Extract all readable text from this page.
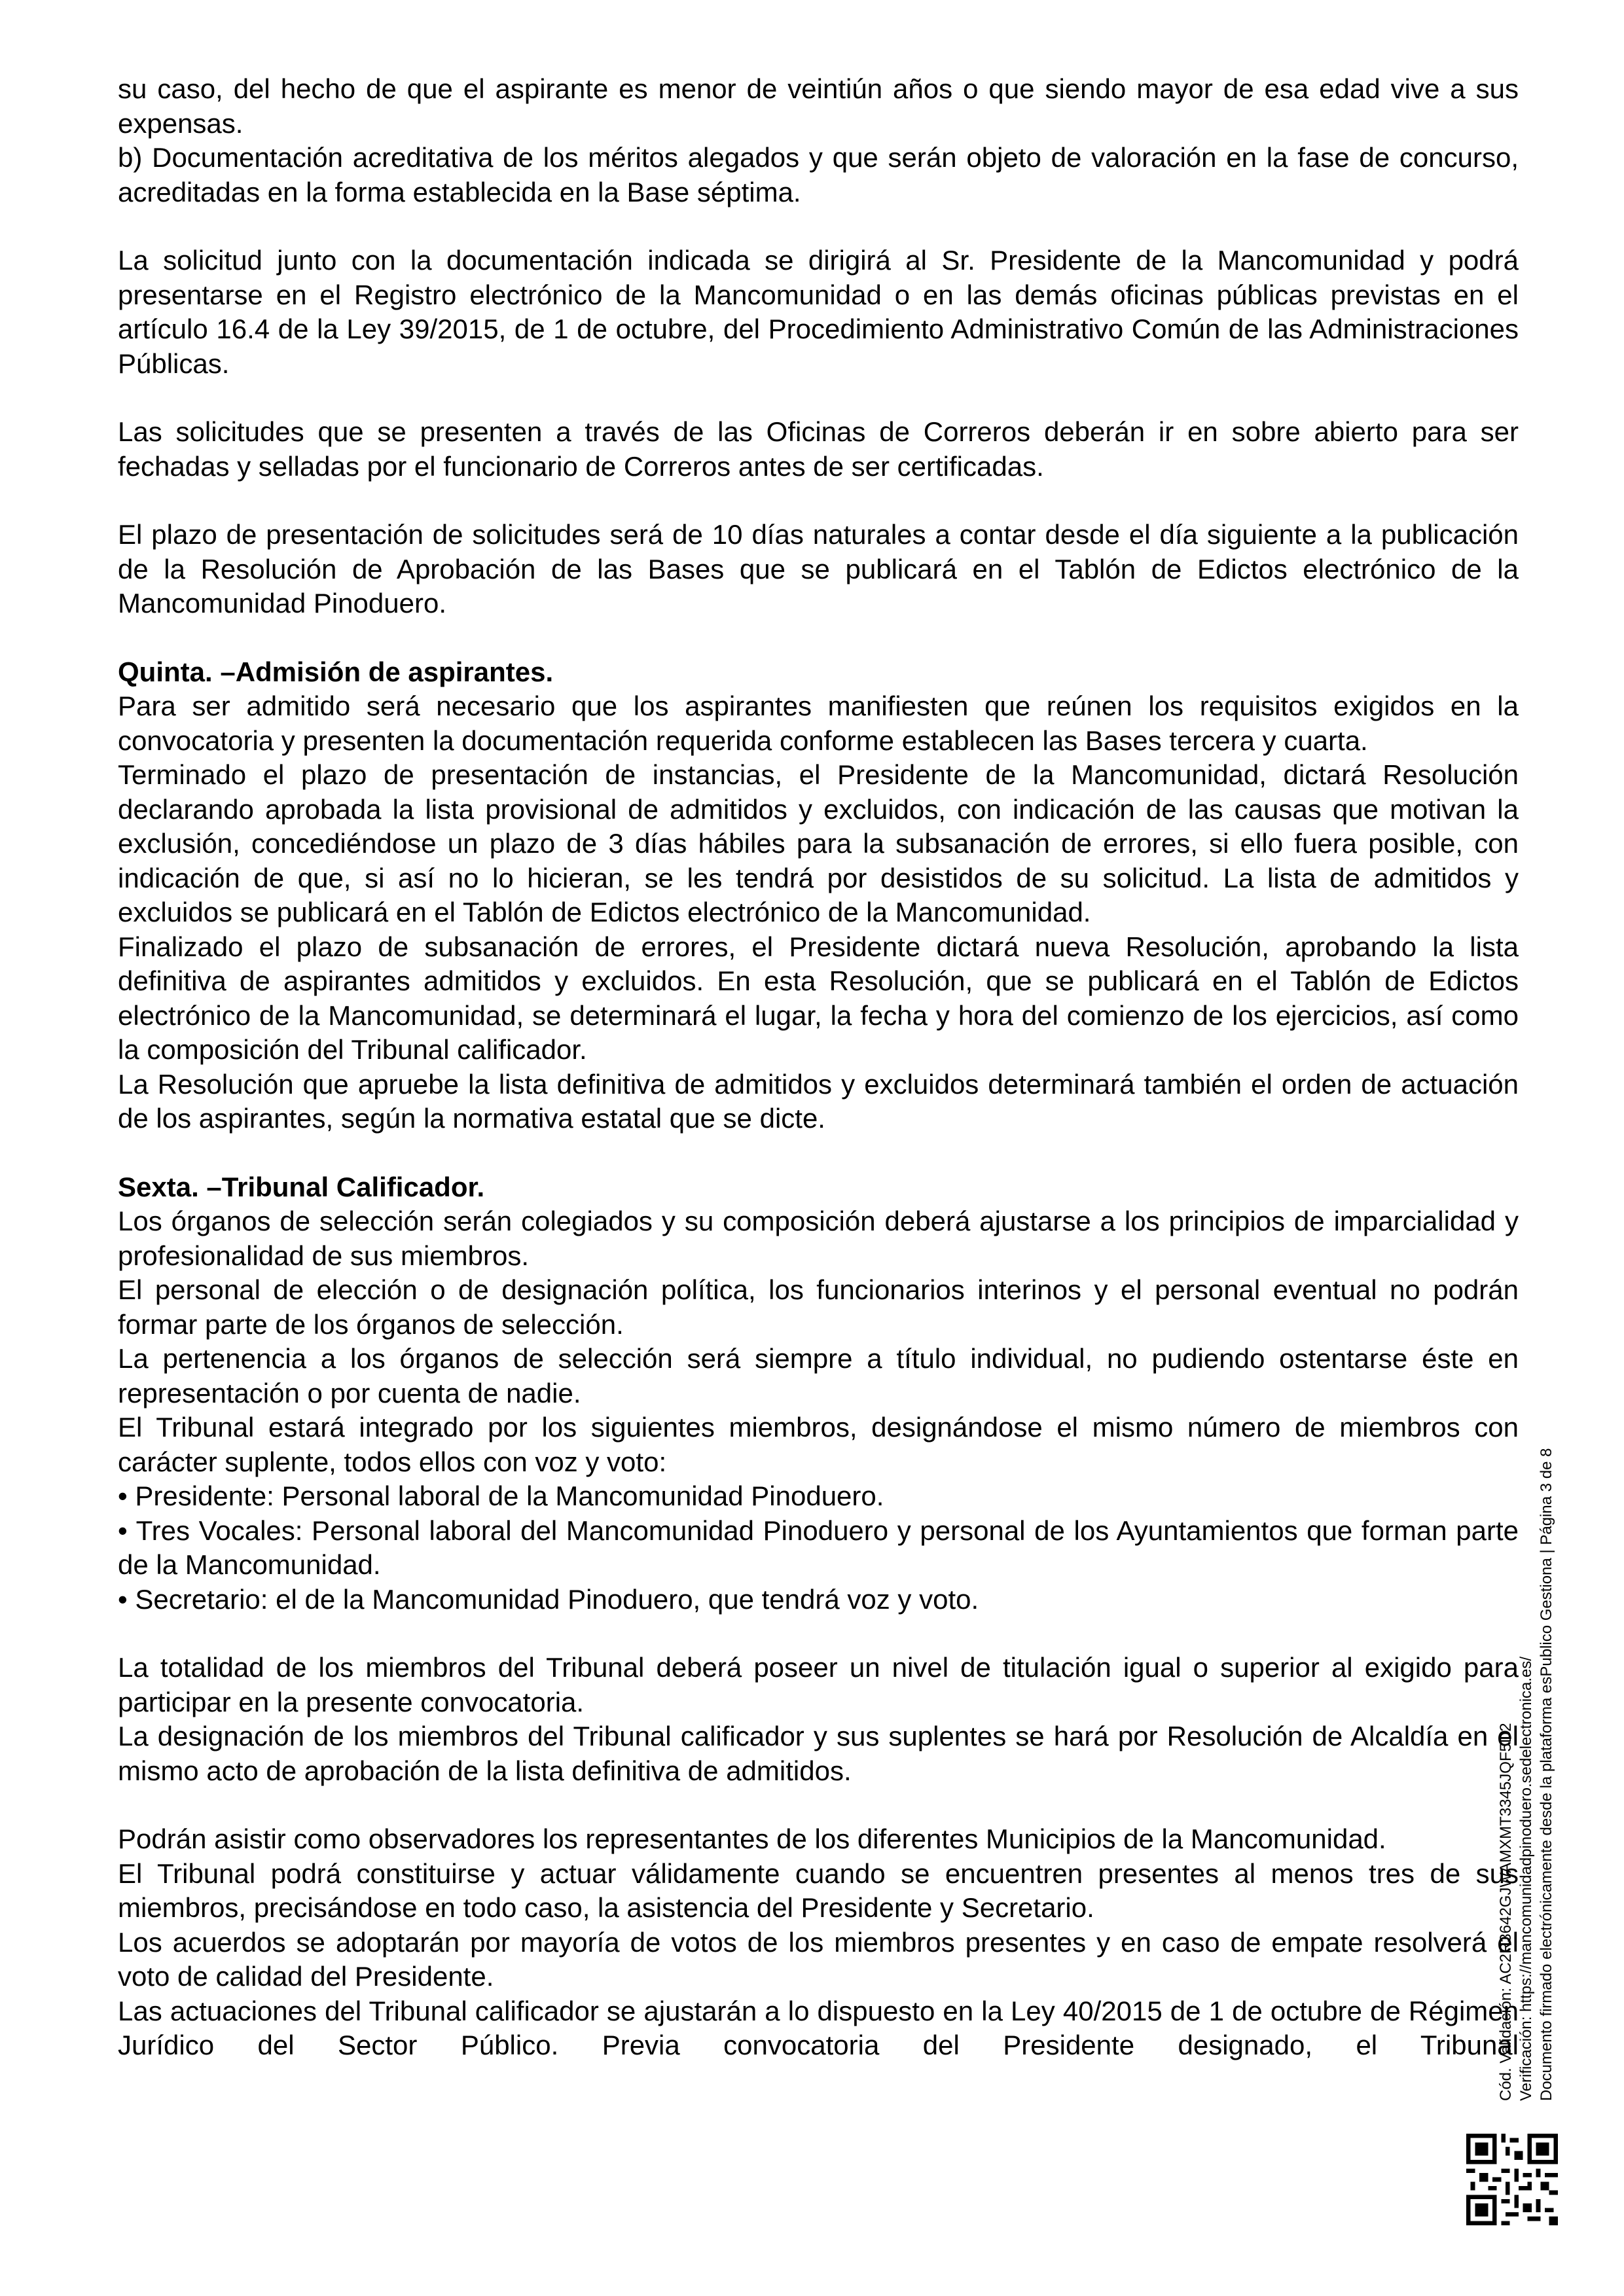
su caso, del hecho de que el aspirante es menor de veintiún años o que siendo mayor de esa edad vive a sus expensas.

b) Documentación acreditativa de los méritos alegados y que serán objeto de valoración en la fase de concurso, acreditadas en la forma establecida en la Base séptima.

La solicitud junto con la documentación indicada se dirigirá al Sr. Presidente de la Mancomunidad y podrá presentarse en el Registro electrónico de la Mancomunidad o en las demás oficinas públicas previstas en el artículo 16.4 de la Ley 39/2015, de 1 de octubre, del Procedimiento Administrativo Común de las Administraciones Públicas.

Las solicitudes que se presenten a través de las Oficinas de Correros deberán ir en sobre abierto para ser fechadas y selladas por el funcionario de Correros antes de ser certificadas.

El plazo de presentación de solicitudes será de 10 días naturales a contar desde el día siguiente a la publicación de la Resolución de Aprobación de las Bases que se publicará en el Tablón de Edictos electrónico de la Mancomunidad Pinoduero.

Quinta. –Admisión de aspirantes.

Para ser admitido será necesario que los aspirantes manifiesten que reúnen los requisitos exigidos en la convocatoria y presenten la documentación requerida conforme establecen las Bases tercera y cuarta.

Terminado el plazo de presentación de instancias, el Presidente de la Mancomunidad, dictará Resolución declarando aprobada la lista provisional de admitidos y excluidos, con indicación de las causas que motivan la exclusión, concediéndose un plazo de 3 días hábiles para la subsanación de errores, si ello fuera posible, con indicación de que, si así no lo hicieran, se les tendrá por desistidos de su solicitud. La lista de admitidos y excluidos se publicará en el Tablón de Edictos electrónico de la Mancomunidad.

Finalizado el plazo de subsanación de errores, el Presidente dictará nueva Resolución, aprobando la lista definitiva de aspirantes admitidos y excluidos. En esta Resolución, que se publicará en el Tablón de Edictos electrónico de la Mancomunidad, se determinará el lugar, la fecha y hora del comienzo de los ejercicios, así como la composición del Tribunal calificador.

La Resolución que apruebe la lista definitiva de admitidos y excluidos determinará también el orden de actuación de los aspirantes, según la normativa estatal que se dicte.

Sexta. –Tribunal Calificador.

Los órganos de selección serán colegiados y su composición deberá ajustarse a los principios de imparcialidad y profesionalidad de sus miembros.

El personal de elección o de designación política, los funcionarios interinos y el personal eventual no podrán formar parte de los órganos de selección.

La pertenencia a los órganos de selección será siempre a título individual, no pudiendo ostentarse éste en representación o por cuenta de nadie.

El Tribunal estará integrado por los siguientes miembros, designándose el mismo número de miembros con carácter suplente, todos ellos con voz y voto:

• Presidente: Personal laboral de la Mancomunidad Pinoduero.

• Tres Vocales: Personal laboral del Mancomunidad Pinoduero y personal de los Ayuntamientos que forman parte de la Mancomunidad.

• Secretario: el de la Mancomunidad Pinoduero, que tendrá voz y voto.

La totalidad de los miembros del Tribunal deberá poseer un nivel de titulación igual o superior al exigido para participar en la presente convocatoria.

La designación de los miembros del Tribunal calificador y sus suplentes se hará por Resolución de Alcaldía en el mismo acto de aprobación de la lista definitiva de admitidos.

Podrán asistir como observadores los representantes de los diferentes Municipios de la Mancomunidad.

El Tribunal podrá constituirse y actuar válidamente cuando se encuentren presentes al menos tres de sus miembros, precisándose en todo caso, la asistencia del Presidente y Secretario.

Los acuerdos se adoptarán por mayoría de votos de los miembros presentes y en caso de empate resolverá el voto de calidad del Presidente.

Las actuaciones del Tribunal calificador se ajustarán a lo dispuesto en la Ley 40/2015 de 1 de octubre de Régimen Jurídico del Sector Público. Previa convocatoria del Presidente designado, el Tribunal

Cód. Validación: AC2R3642GJWAMXMT3345JQF5D2 Verificación: https://mancomunidadpinoduero.sedelectronica.es/ Documento firmado electrónicamente desde la plataforma esPublico Gestiona | Página 3 de 8
